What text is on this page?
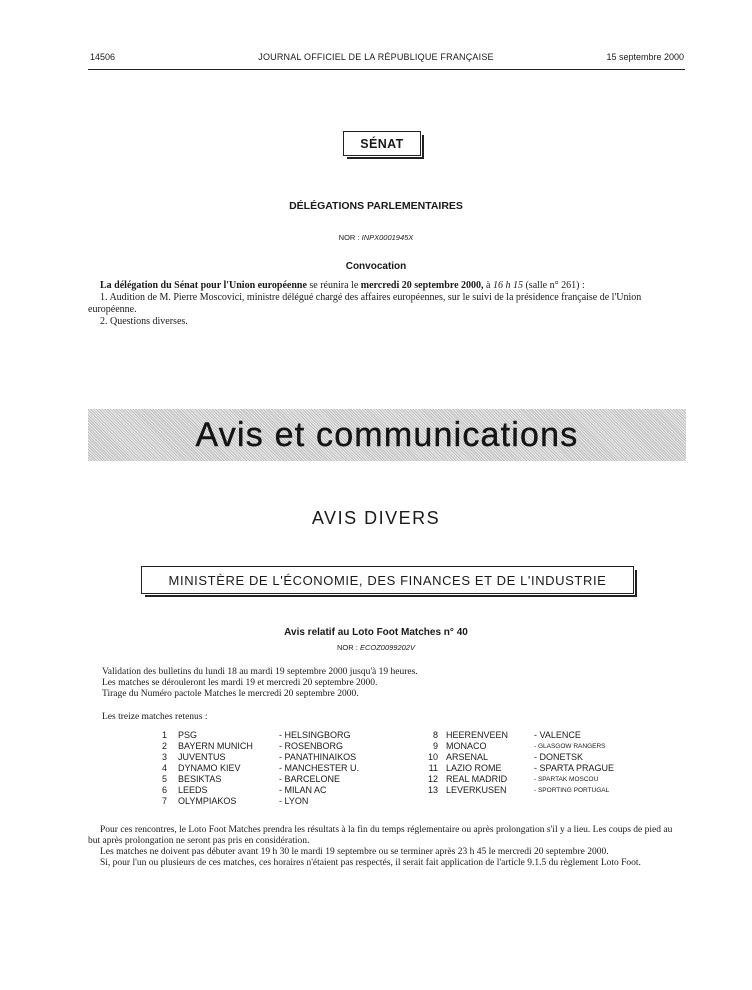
14506	JOURNAL OFFICIEL DE LA RÉPUBLIQUE FRANÇAISE	15 septembre 2000
SÉNAT
DÉLÉGATIONS PARLEMENTAIRES
NOR : INPX0001945X
Convocation
La délégation du Sénat pour l'Union européenne se réunira le mercredi 20 septembre 2000, à 16 h 15 (salle n° 261) :
1. Audition de M. Pierre Moscovici, ministre délégué chargé des affaires européennes, sur le suivi de la présidence française de l'Union européenne.
2. Questions diverses.
Avis et communications
AVIS DIVERS
MINISTÈRE DE L'ÉCONOMIE, DES FINANCES ET DE L'INDUSTRIE
Avis relatif au Loto Foot Matches n° 40
NOR : ECOZ0099202V
Validation des bulletins du lundi 18 au mardi 19 septembre 2000 jusqu'à 19 heures.
Les matches se dérouleront les mardi 19 et mercredi 20 septembre 2000.
Tirage du Numéro pactole Matches le mercredi 20 septembre 2000.
Les treize matches retenus :
1 PSG	- HELSINGBORG
2 BAYERN MUNICH	- ROSENBORG
3 JUVENTUS	- PANATHINAIKOS
4 DYNAMO KIEV	- MANCHESTER U.
5 BESIKTAS	- BARCELONE
6 LEEDS	- MILAN AC
7 OLYMPIAKOS	- LYON
8 HEERENVEEN	- VALENCE
9 MONACO	- GLASGOW RANGERS
10 ARSENAL	- DONETSK
11 LAZIO ROME	- SPARTA PRAGUE
12 REAL MADRID	- SPARTAK MOSCOU
13 LEVERKUSEN	- SPORTING PORTUGAL
Pour ces rencontres, le Loto Foot Matches prendra les résultats à la fin du temps réglementaire ou après prolongation s'il y a lieu. Les coups de pied au but après prolongation ne seront pas pris en considération.
Les matches ne doivent pas débuter avant 19 h 30 le mardi 19 septembre ou se terminer après 23 h 45 le mercredi 20 septembre 2000.
Si, pour l'un ou plusieurs de ces matches, ces horaires n'étaient pas respectés, il serait fait application de l'article 9.1.5 du règlement Loto Foot.
